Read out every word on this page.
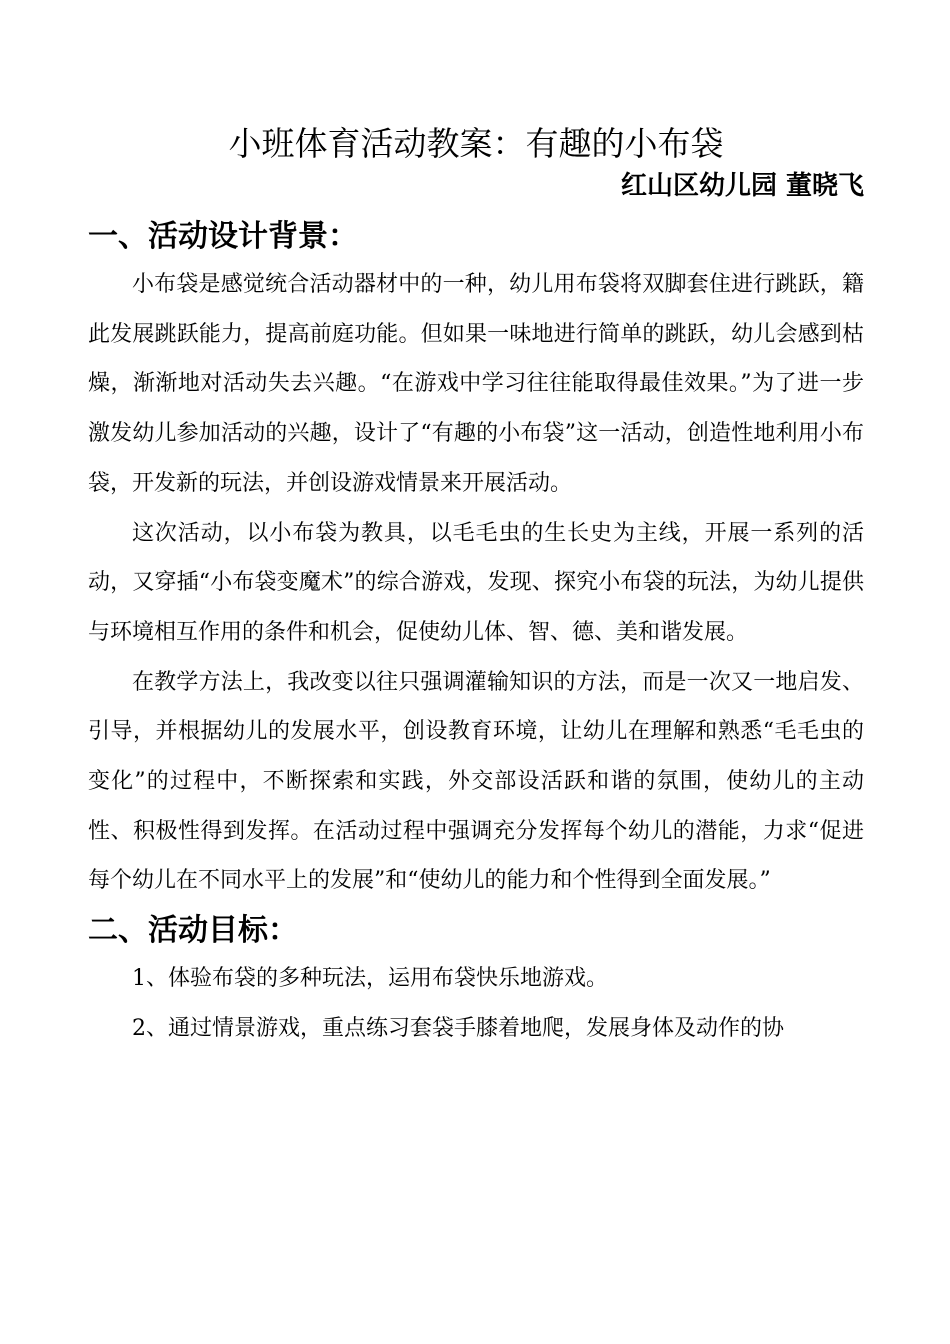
小班体育活动教案：有趣的小布袋

红山区幼儿园 董晓飞

一、活动设计背景：

小布袋是感觉统合活动器材中的一种，幼儿用布袋将双脚套住进行跳跃，籍此发展跳跃能力，提高前庭功能。但如果一味地进行简单的跳跃，幼儿会感到枯燥，渐渐地对活动失去兴趣。“在游戏中学习往往能取得最佳效果。”为了进一步激发幼儿参加活动的兴趣，设计了“有趣的小布袋”这一活动，创造性地利用小布袋，开发新的玩法，并创设游戏情景来开展活动。

这次活动，以小布袋为教具，以毛毛虫的生长史为主线，开展一系列的活动，又穿插“小布袋变魔术”的综合游戏，发现、探究小布袋的玩法，为幼儿提供与环境相互作用的条件和机会，促使幼儿体、智、德、美和谐发展。

在教学方法上，我改变以往只强调灌输知识的方法，而是一次又一地启发、引导，并根据幼儿的发展水平，创设教育环境，让幼儿在理解和熟悉“毛毛虫的变化”的过程中，不断探索和实践，外交部设活跃和谐的氛围，使幼儿的主动性、积极性得到发挥。在活动过程中强调充分发挥每个幼儿的潜能，力求“促进每个幼儿在不同水平上的发展”和“使幼儿的能力和个性得到全面发展。”

二、活动目标：

1、体验布袋的多种玩法，运用布袋快乐地游戏。

2、通过情景游戏，重点练习套袋手膝着地爬，发展身体及动作的协
